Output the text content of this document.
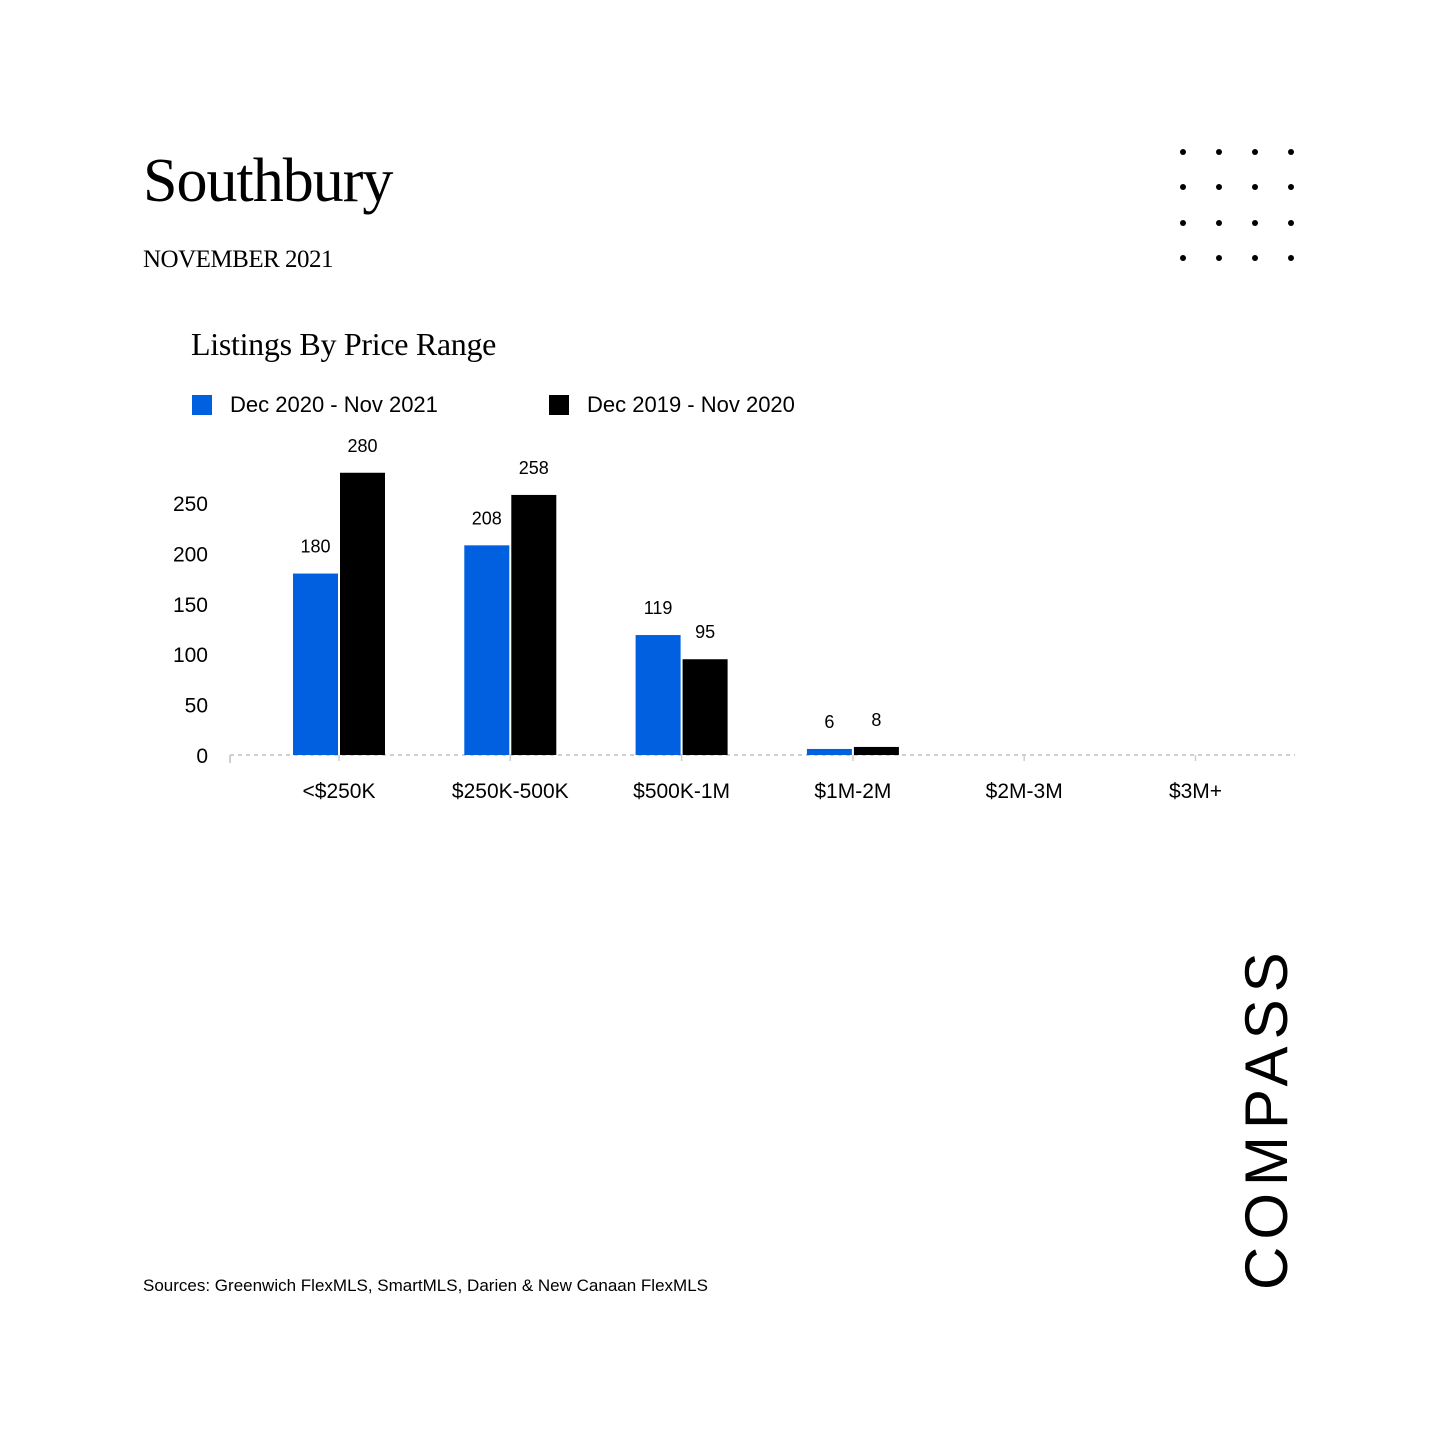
Southbury
NOVEMBER 2021
Listings By Price Range
Dec 2020 - Nov 2021	Dec 2019 - Nov 2020
0
50
100
150
200
250
<$250K
180
280
$250K-500K
208
258
$500K-1M
119
95
$1M-2M
6 8
$2M-3M	$3M+
Sources: Greenwich FlexMLS, SmartMLS, Darien & New Canaan FlexMLS	COMPASS
